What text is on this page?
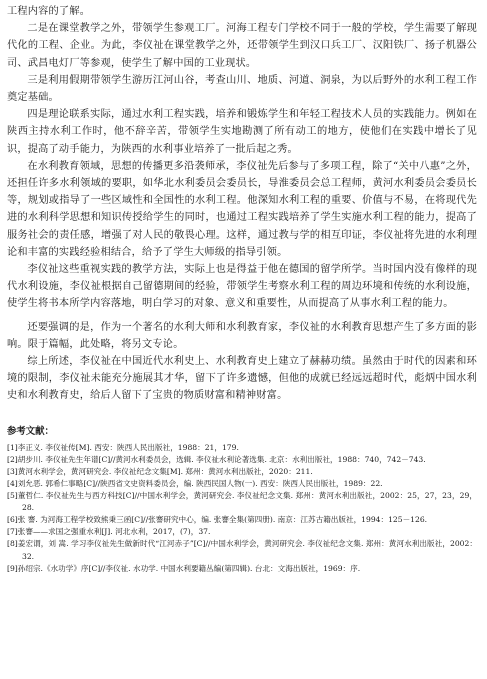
工程内容的了解。

二是在课堂教学之外，带领学生参观工厂。河海工程专门学校不同于一般的学校，学生需要了解现代化的工程、企业。为此，李仪祉在课堂教学之外，还带领学生到汉口兵工厂、汉阳铁厂、扬子机器公司、武昌电灯厂等参观，使学生了解中国的工业现状。

三是利用假期带领学生游历江河山谷，考查山川、地质、河道、洞泉，为以后野外的水利工程工作奠定基础。

四是理论联系实际，通过水利工程实践，培养和锻炼学生和年轻工程技术人员的实践能力。例如在陕西主持水利工作时，他不辞辛苦，带领学生实地勘测了所有动工的地方，使他们在实践中增长了见识，提高了动手能力，为陕西的水利事业培养了一批后起之秀。

在水利教育领域，思想的传播更多沿袭师承，李仪祉先后参与了多项工程，除了“关中八惠”之外，还担任许多水利领域的要职，如华北水利委员会委员长，导淮委员会总工程师，黄河水利委员会委员长等，规划或指导了一些区域性和全国性的水利工程。他深知水利工程的重要、价值与不易，在将现代先进的水利科学思想和知识传授给学生的同时，也通过工程实践培养了学生实施水利工程的能力，提高了服务社会的责任感，增强了对人民的敬畏心理。这样，通过教与学的相互印证，李仪祉将先进的水利理论和丰富的实践经验相结合，给予了学生大师级的指导引领。

李仪祉这些重视实践的教学方法，实际上也是得益于他在德国的留学所学。当时国内没有像样的现代水利设施，李仪祉根据自己留德期间的经验，带领学生考察水利工程的周边环境和传统的水利设施，使学生将书本所学内容落地，明白学习的对象、意义和重要性，从而提高了从事水利工程的能力。

还要强调的是，作为一个著名的水利大师和水利教育家，李仪祉的水利教育思想产生了多方面的影响。限于篇幅，此处略，将另文专论。

综上所述，李仪祉在中国近代水利史上、水利教育史上建立了赫赫功绩。虽然由于时代的因素和环境的限制，李仪祉未能充分施展其才华，留下了许多遗憾，但他的成就已经远远超时代，彪炳中国水利史和水利教育史，给后人留下了宝贵的物质财富和精神财富。

参考文献：
[1]李正义. 李仪祉传[M]. 西安：陕西人民出版社，1988：21，179.
[2]胡步川. 李仪祉先生年谱[C]//黄河水利委员会，选辑. 李仪祉水利论著选集. 北京：水利出版社，1988：740，742－743.
[3]黄河水利学会，黄河研究会. 李仪祉纪念文集[M]. 郑州：黄河水利出版社，2020：211.
[4]刘允恶. 郭希仁事略[C]//陕西省文史资料委员会，编. 陕西民国人物(一). 西安：陕西人民出版社，1989：22.
[5]董哲仁. 李仪祉先生与西方科技[C]//中国水利学会，黄河研究会. 李仪祉纪念文集. 郑州：黄河水利出版社，2002：25，27，23，29，28.
[6]张 謇. 为河海工程学校致熊秉三函[C]//张謇研究中心，编. 张謇全集(第四册). 南京：江苏古籍出版社，1994：125－126.
[7]张謇——求国之强重水利[J]. 河北水利，2017，(7)，37.
[8]姜宏谓，刘 嵩. 学习李仪祉先生做新时代“江河赤子”[C]//中国水利学会，黄河研究会. 李仪祉纪念文集. 郑州：黄河水利出版社，2002：32.
[9]孙绍宗.《水功学》序[C]//李仪祉. 水功学. 中国水利要籍丛编(第四辑). 台北：文海出版社，1969：序.
